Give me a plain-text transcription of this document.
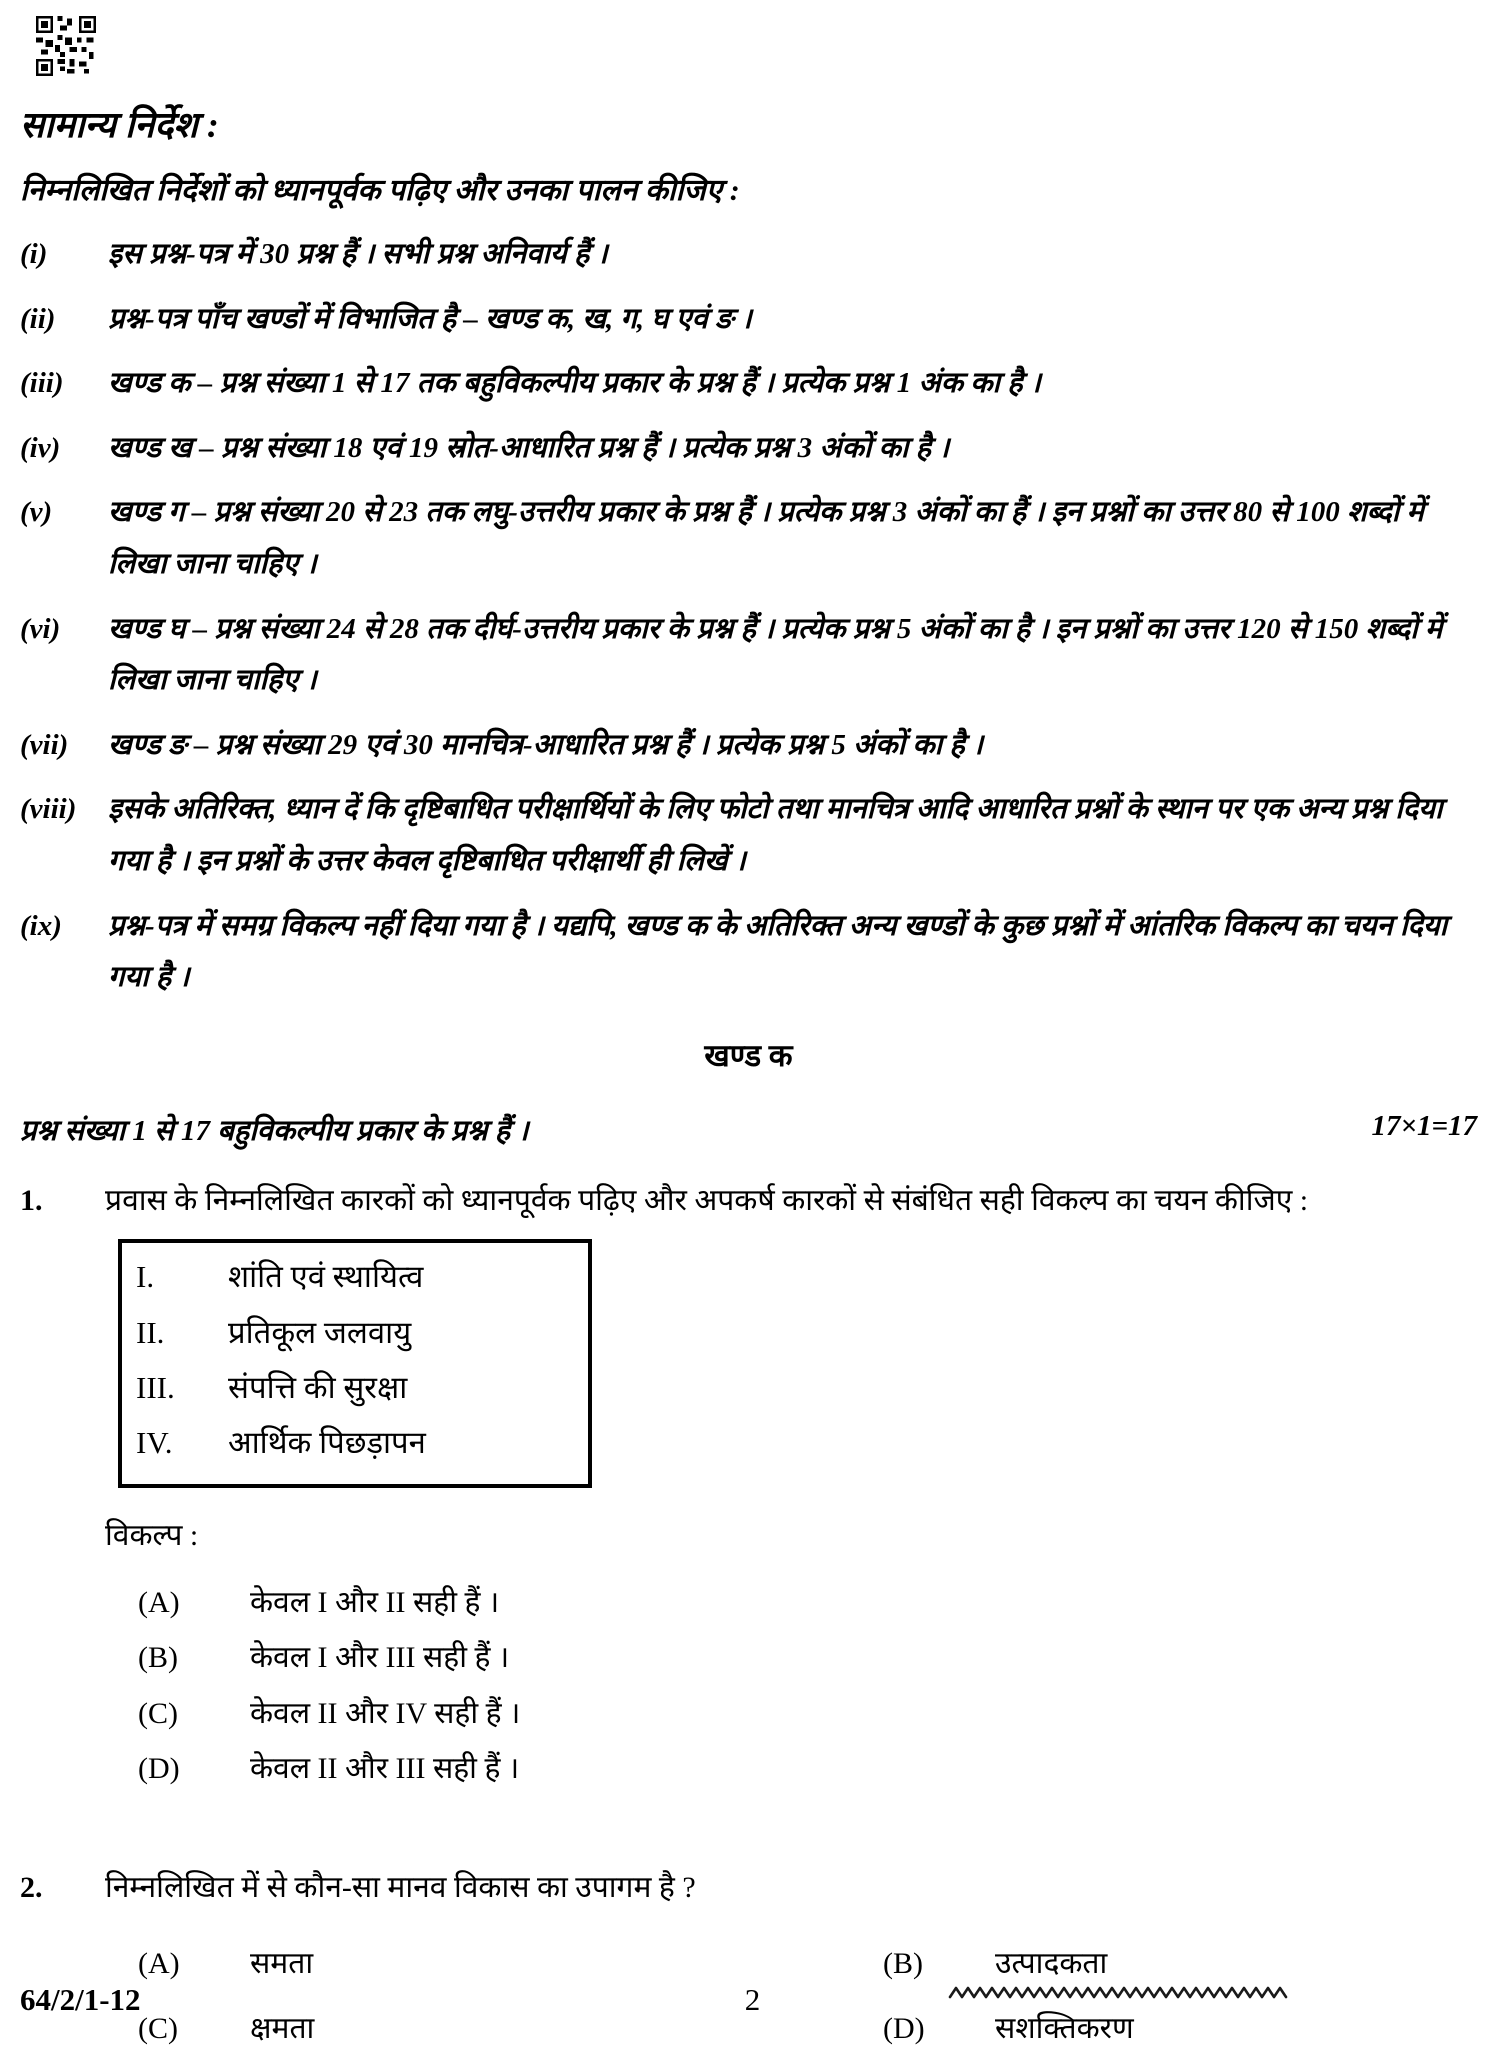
सामान्य निर्देश :
निम्नलिखित निर्देशों को ध्यानपूर्वक पढ़िए और उनका पालन कीजिए :
(i)	इस प्रश्न-पत्र में 30 प्रश्न हैं । सभी प्रश्न अनिवार्य हैं ।
(ii)	प्रश्न-पत्र पाँच खण्डों में विभाजित है – खण्ड क, ख, ग, घ एवं ङ ।
(iii)	खण्ड क – प्रश्न संख्या 1 से 17 तक बहुविकल्पीय प्रकार के प्रश्न हैं । प्रत्येक प्रश्न 1 अंक का है ।
(iv)	खण्ड ख – प्रश्न संख्या 18 एवं 19 स्रोत-आधारित प्रश्न हैं । प्रत्येक प्रश्न 3 अंकों का है ।
(v)	खण्ड ग – प्रश्न संख्या 20 से 23 तक लघु-उत्तरीय प्रकार के प्रश्न हैं । प्रत्येक प्रश्न 3 अंकों का हैं । इन प्रश्नों का उत्तर 80 से 100 शब्दों में लिखा जाना चाहिए ।
(vi)	खण्ड घ – प्रश्न संख्या 24 से 28 तक दीर्घ-उत्तरीय प्रकार के प्रश्न हैं । प्रत्येक प्रश्न 5 अंकों का है । इन प्रश्नों का उत्तर 120 से 150 शब्दों में लिखा जाना चाहिए ।
(vii)	खण्ड ङ – प्रश्न संख्या 29 एवं 30 मानचित्र-आधारित प्रश्न हैं । प्रत्येक प्रश्न 5 अंकों का है ।
(viii)	इसके अतिरिक्त, ध्यान दें कि दृष्टिबाधित परीक्षार्थियों के लिए फोटो तथा मानचित्र आदि आधारित प्रश्नों के स्थान पर एक अन्य प्रश्न दिया गया है । इन प्रश्नों के उत्तर केवल दृष्टिबाधित परीक्षार्थी ही लिखें ।
(ix)	प्रश्न-पत्र में समग्र विकल्प नहीं दिया गया है । यद्यपि, खण्ड क के अतिरिक्त अन्य खण्डों के कुछ प्रश्नों में आंतरिक विकल्प का चयन दिया गया है ।
खण्ड क
प्रश्न संख्या 1 से 17 बहुविकल्पीय प्रकार के प्रश्न हैं ।	17×1=17
1.	प्रवास के निम्नलिखित कारकों को ध्यानपूर्वक पढ़िए और अपकर्ष कारकों से संबंधित सही विकल्प का चयन कीजिए :
I.	शांति एवं स्थायित्व
II.	प्रतिकूल जलवायु
III.	संपत्ति की सुरक्षा
IV.	आर्थिक पिछड़ापन
विकल्प :
(A)	केवल I और II सही हैं ।
(B)	केवल I और III सही हैं ।
(C)	केवल II और IV सही हैं ।
(D)	केवल II और III सही हैं ।
2.	निम्नलिखित में से कौन-सा मानव विकास का उपागम है ?
(A)	समता	(B)	उत्पादकता
(C)	क्षमता	(D)	सशक्तिकरण
64/2/1-12	2
